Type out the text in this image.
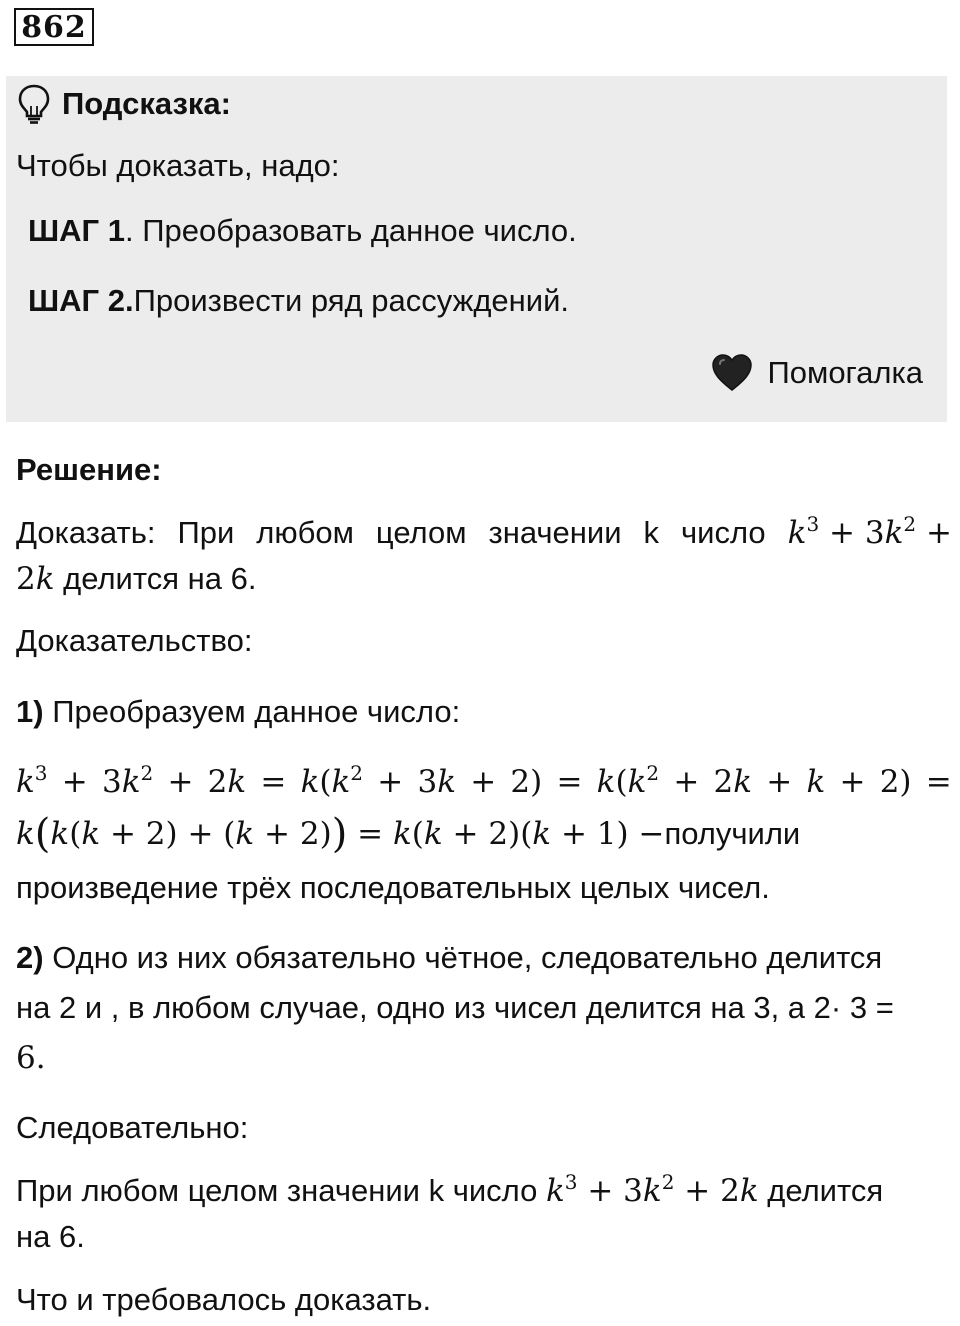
862
Подсказка:
Чтобы доказать, надо:
ШАГ 1. Преобразовать данное число.
ШАГ 2.Произвести ряд рассуждений.
Помогалка
Решение:
Доказать: При любом целом значении k число $k^3 + 3k^2$ +
2k делится на 6.
Доказательство:
1) Преобразуем данное число:
$k^3 + 3k^2 + 2k = k(k^2 + 3k + 2) = k(k^2 + 2k + k + 2)$ =
k(k(k + 2) + (k + 2)) = k(k + 2)(k + 1) −получили
произведение трёх последовательных целых чисел.
2) Одно из них обязательно чётное, следовательно делится
на 2 и , в любом случае, одно из чисел делится на 3, а 2· 3 =
6.
Следовательно:
При любом целом значении k число $k^3 + 3k^2 + 2k$ делится
на 6.
Что и требовалось доказать.
